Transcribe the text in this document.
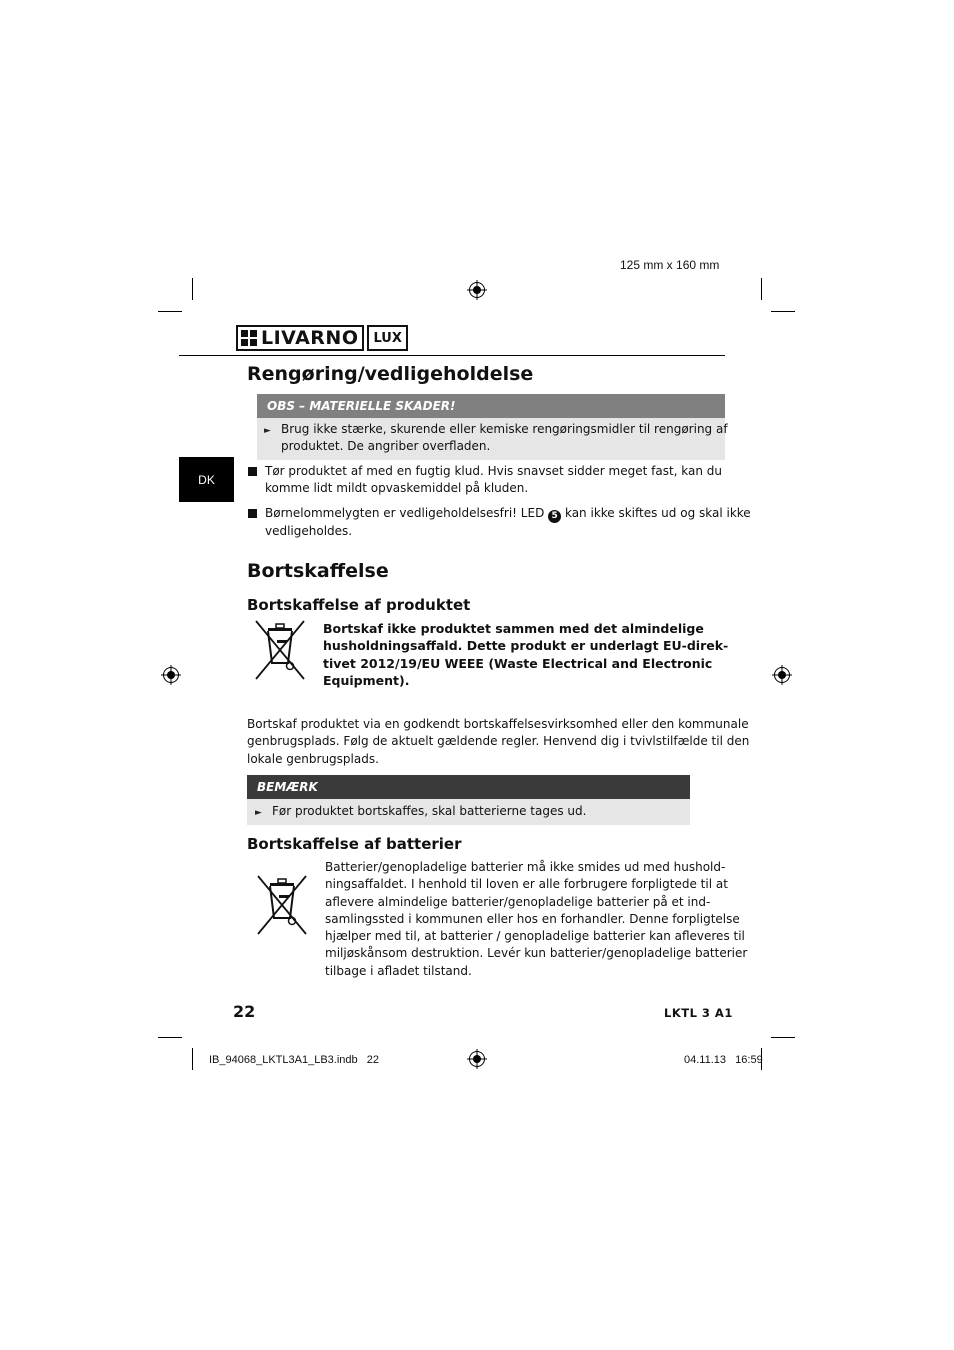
125 mm x 160 mm
IB_94068_LKTL3A1_LB3.indb   22	04.11.13   16:59
LIVARNO	LUX
DK
Rengøring/vedligeholdelse
OBS – MATERIELLE SKADER!
► Brug ikke stærke, skurende eller kemiske rengøringsmidler til rengøring af
produktet. De angriber overfladen.
Tør produktet af med en fugtig klud. Hvis snavset sidder meget fast, kan du
komme lidt mildt opvaskemiddel på kluden.
Børnelommelygten er vedligeholdelsesfri! LED 5 kan ikke skiftes ud og skal ikke
vedligeholdes.
Bortskaffelse
Bortskaffelse af produktet
Bortskaf ikke produktet sammen med det almindelige
husholdningsaffald. Dette produkt er underlagt EU-direk-
tivet 2012/19/EU WEEE (Waste Electrical and Electronic
Equipment).
Bortskaf produktet via en godkendt bortskaffelsesvirksomhed eller den kommunale
genbrugsplads. Følg de aktuelt gældende regler. Henvend dig i tvivlstilfælde til den
lokale genbrugsplads.
BEMÆRK
► Før produktet bortskaffes, skal batterierne tages ud.
Bortskaffelse af batterier
Batterier/genopladelige batterier må ikke smides ud med hushold-
ningsaffaldet. I henhold til loven er alle forbrugere forpligtede til at
aflevere almindelige batterier/genopladelige batterier på et ind-
samlingssted i kommunen eller hos en forhandler. Denne forpligtelse
hjælper med til, at batterier / genopladelige batterier kan afleveres til
miljøskånsom destruktion. Levér kun batterier/genopladelige batterier
tilbage i afladet tilstand.
22	LKTL 3 A1
